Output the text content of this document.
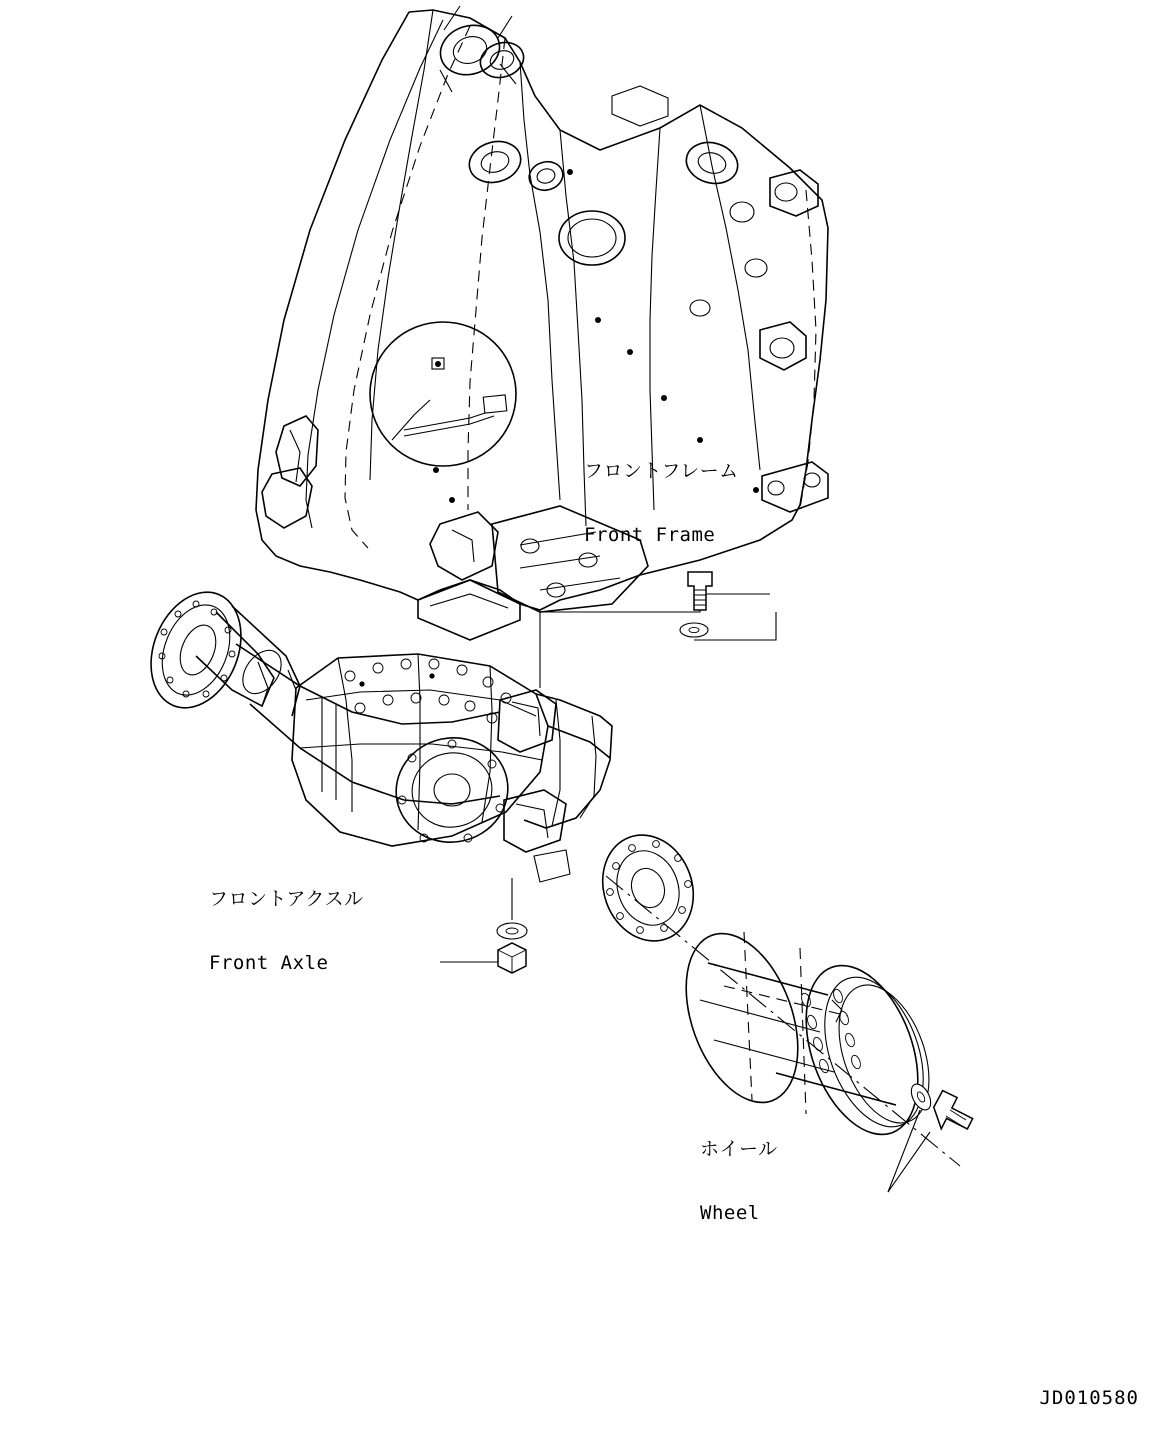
フロントフレーム

Front Frame

フロントアクスル

Front Axle

ホイール

Wheel

JD010580
